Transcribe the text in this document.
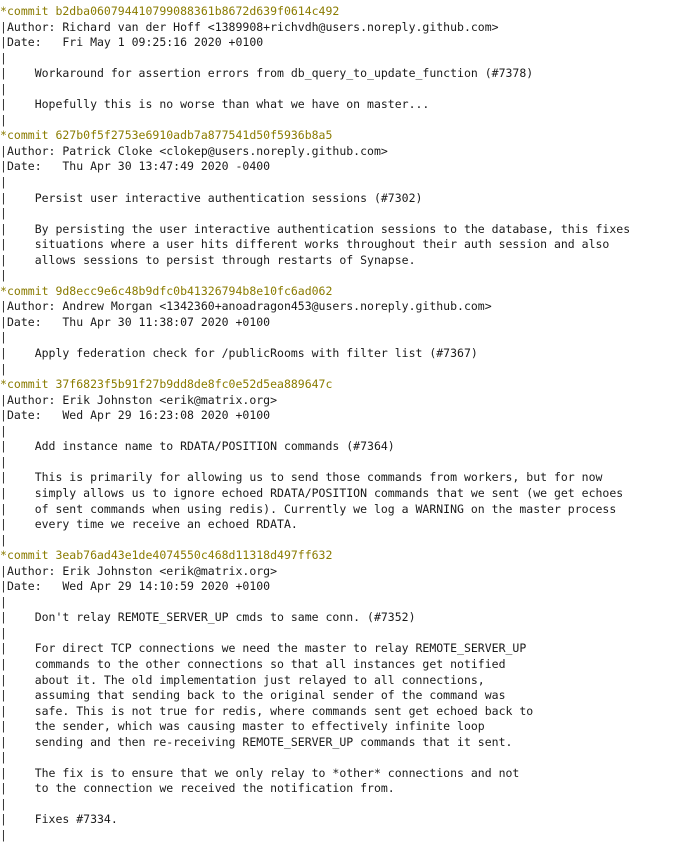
* commit b2dba060794410799088361b8672d639f0614c492
| Author: Richard van der Hoff <1389908+richvdh@users.noreply.github.com>
| Date:   Fri May 1 09:25:16 2020 +0100
|
| Workaround for assertion errors from db_query_to_update_function (#7378)
|
| Hopefully this is no worse than what we have on master...
|
* commit 627b0f5f2753e6910adb7a877541d50f5936b8a5
| Author: Patrick Cloke <clokep@users.noreply.github.com>
| Date:   Thu Apr 30 13:47:49 2020 -0400
|
| Persist user interactive authentication sessions (#7302)
|
| By persisting the user interactive authentication sessions to the database, this fixes
| situations where a user hits different works throughout their auth session and also
| allows sessions to persist through restarts of Synapse.
|
* commit 9d8ecc9e6c48b9dfc0b41326794b8e10fc6ad062
| Author: Andrew Morgan <1342360+anoadragon453@users.noreply.github.com>
| Date:   Thu Apr 30 11:38:07 2020 +0100
|
| Apply federation check for /publicRooms with filter list (#7367)
|
* commit 37f6823f5b91f27b9dd8de8fc0e52d5ea889647c
| Author: Erik Johnston <erik@matrix.org>
| Date:   Wed Apr 29 16:23:08 2020 +0100
|
| Add instance name to RDATA/POSITION commands (#7364)
|
| This is primarily for allowing us to send those commands from workers, but for now
| simply allows us to ignore echoed RDATA/POSITION commands that we sent (we get echoes
| of sent commands when using redis). Currently we log a WARNING on the master process
| every time we receive an echoed RDATA.
|
* commit 3eab76ad43e1de4074550c468d11318d497ff632
| Author: Erik Johnston <erik@matrix.org>
| Date:   Wed Apr 29 14:10:59 2020 +0100
|
| Don't relay REMOTE_SERVER_UP cmds to same conn. (#7352)
|
| For direct TCP connections we need the master to relay REMOTE_SERVER_UP
| commands to the other connections so that all instances get notified
| about it. The old implementation just relayed to all connections,
| assuming that sending back to the original sender of the command was
| safe. This is not true for redis, where commands sent get echoed back to
| the sender, which was causing master to effectively infinite loop
| sending and then re-receiving REMOTE_SERVER_UP commands that it sent.
|
| The fix is to ensure that we only relay to *other* connections and not
| to the connection we received the notification from.
|
| Fixes #7334.
|
